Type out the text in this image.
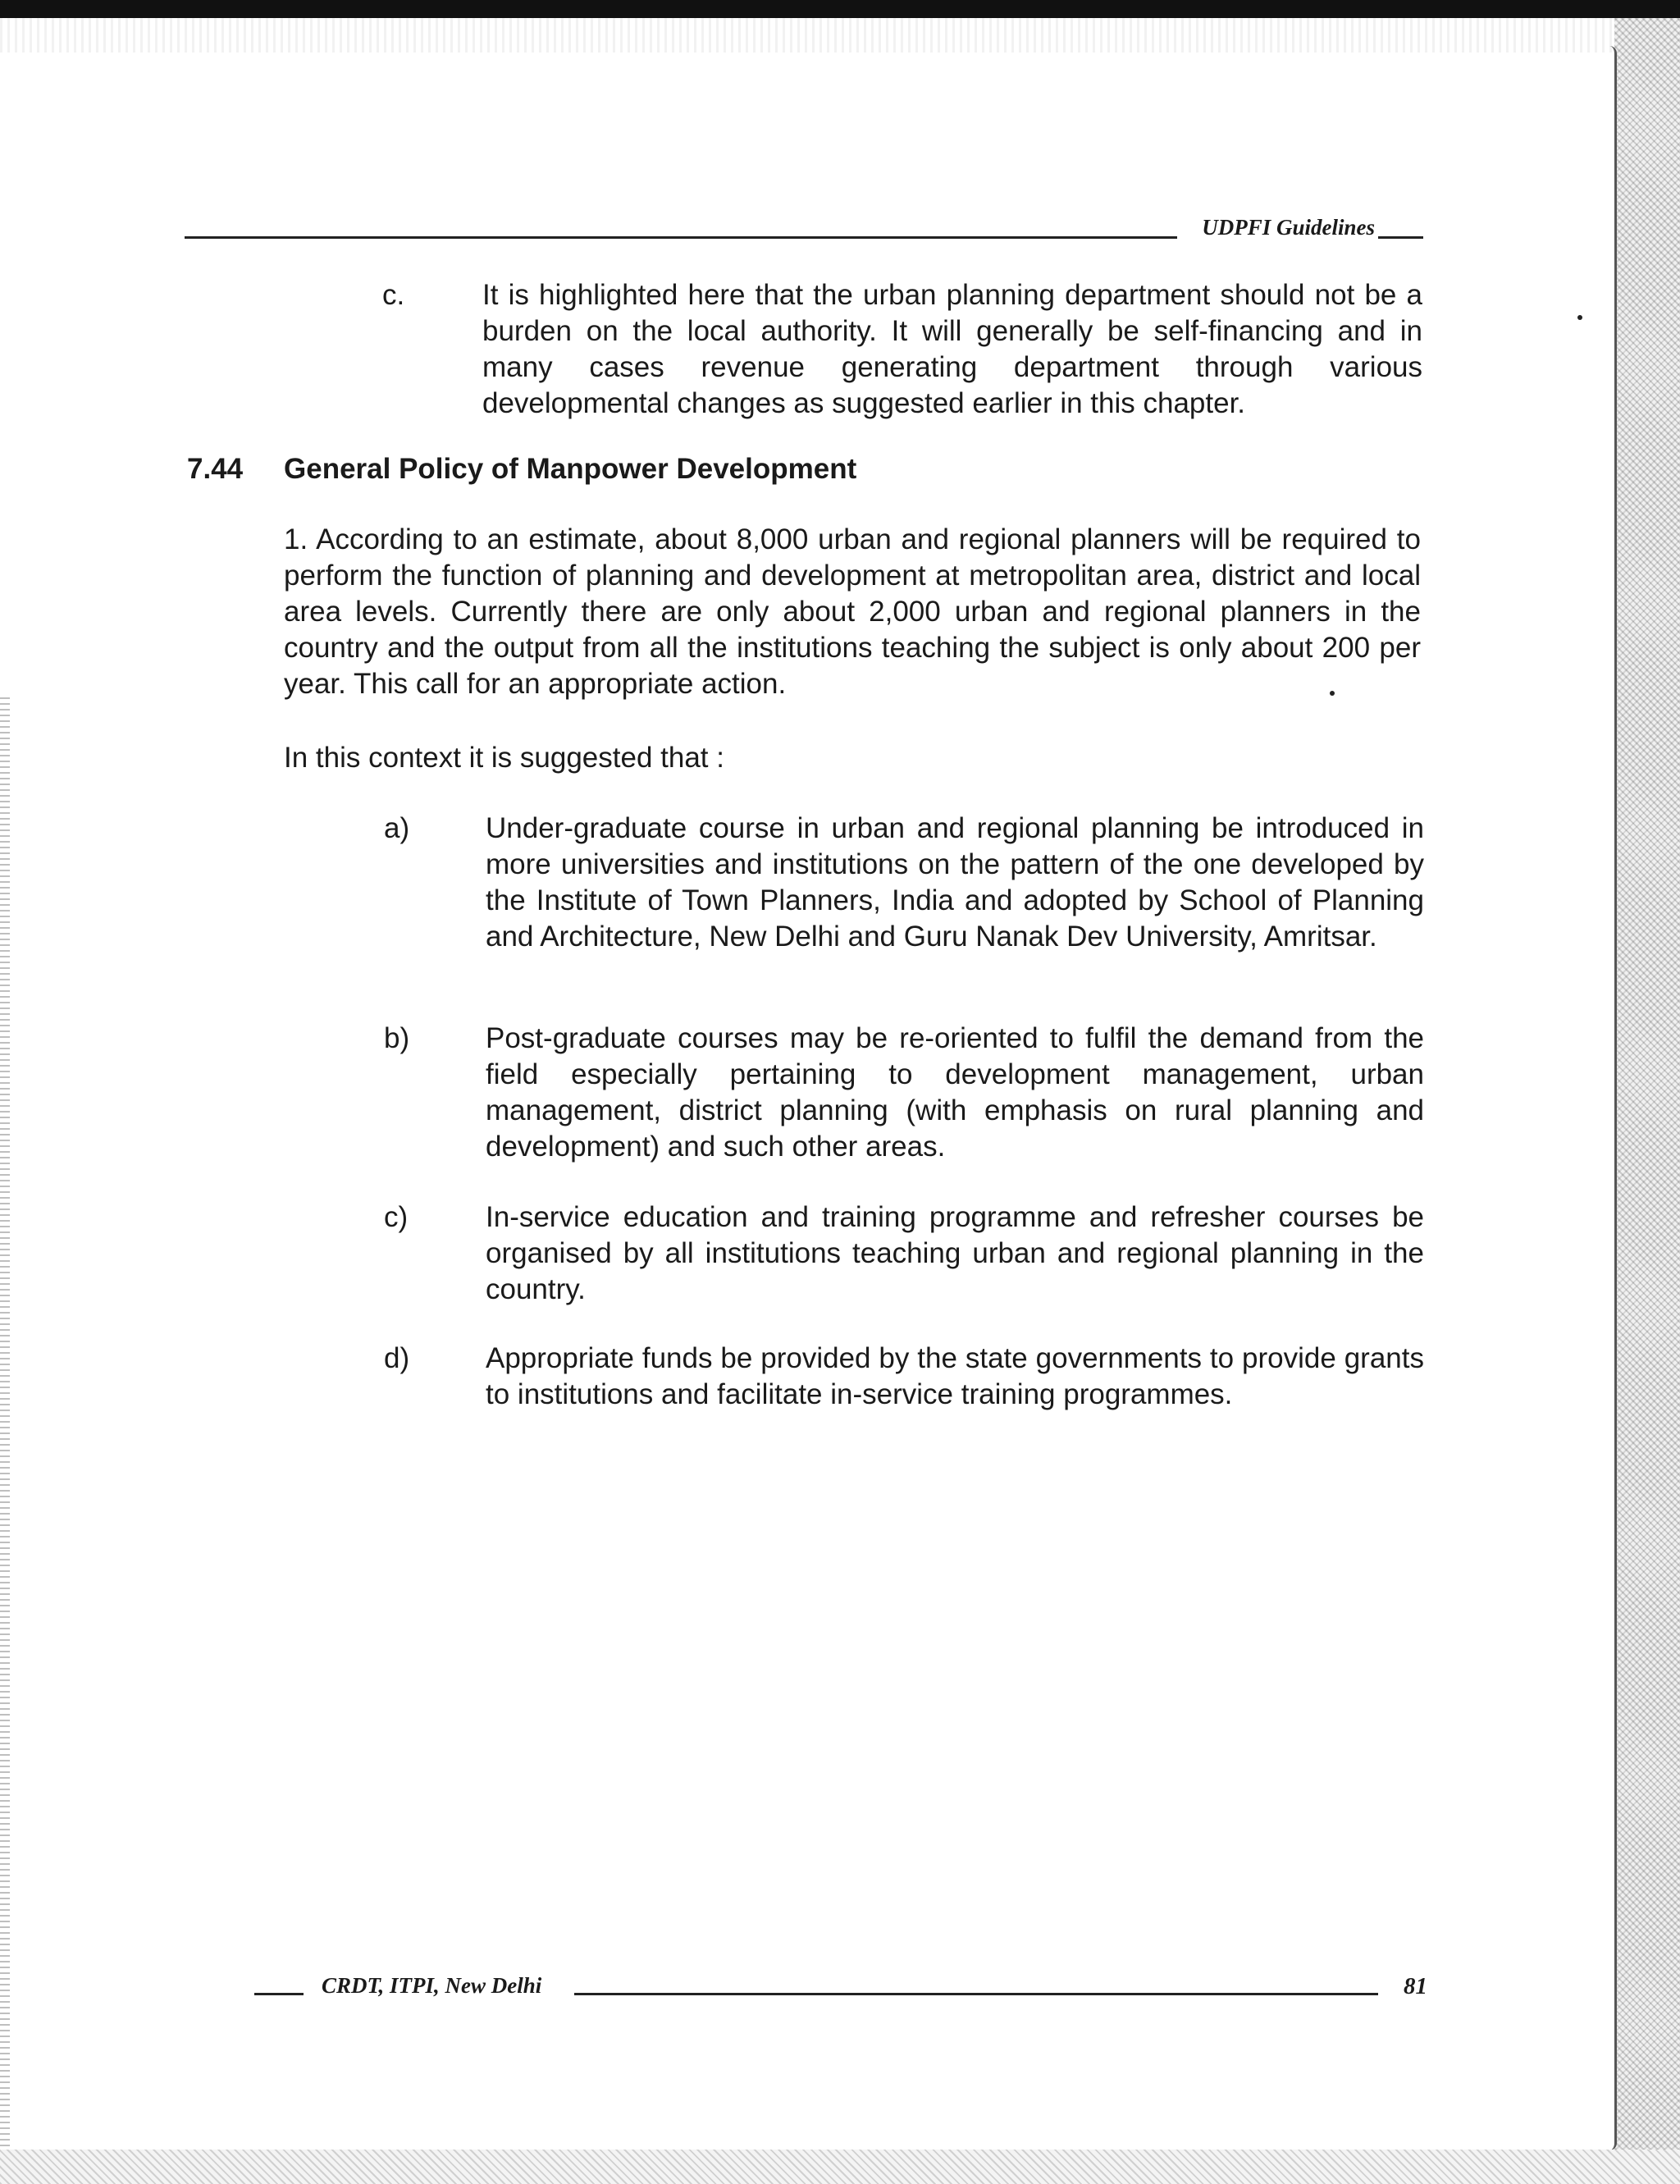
UDPFI Guidelines
c.	It is highlighted here that the urban planning department should not be a burden on the local authority. It will generally be self-financing and in many cases revenue generating department through various developmental changes as suggested earlier in this chapter.
7.44 General Policy of Manpower Development
1. According to an estimate, about 8,000 urban and regional planners will be required to perform the function of planning and development at metropolitan area, district and local area levels. Currently there are only about 2,000 urban and regional planners in the country and the output from all the institutions teaching the subject is only about 200 per year. This call for an appropriate action.
In this context it is suggested that :
a)	Under-graduate course in urban and regional planning be introduced in more universities and institutions on the pattern of the one developed by the Institute of Town Planners, India and adopted by School of Planning and Architecture, New Delhi and Guru Nanak Dev University, Amritsar.
b)	Post-graduate courses may be re-oriented to fulfil the demand from the field especially pertaining to development management, urban management, district planning (with emphasis on rural planning and development) and such other areas.
c)	In-service education and training programme and refresher courses be organised by all institutions teaching urban and regional planning in the country.
d)	Appropriate funds be provided by the state governments to provide grants to institutions and facilitate in-service training programmes.
CRDT, ITPI, New Delhi	81
